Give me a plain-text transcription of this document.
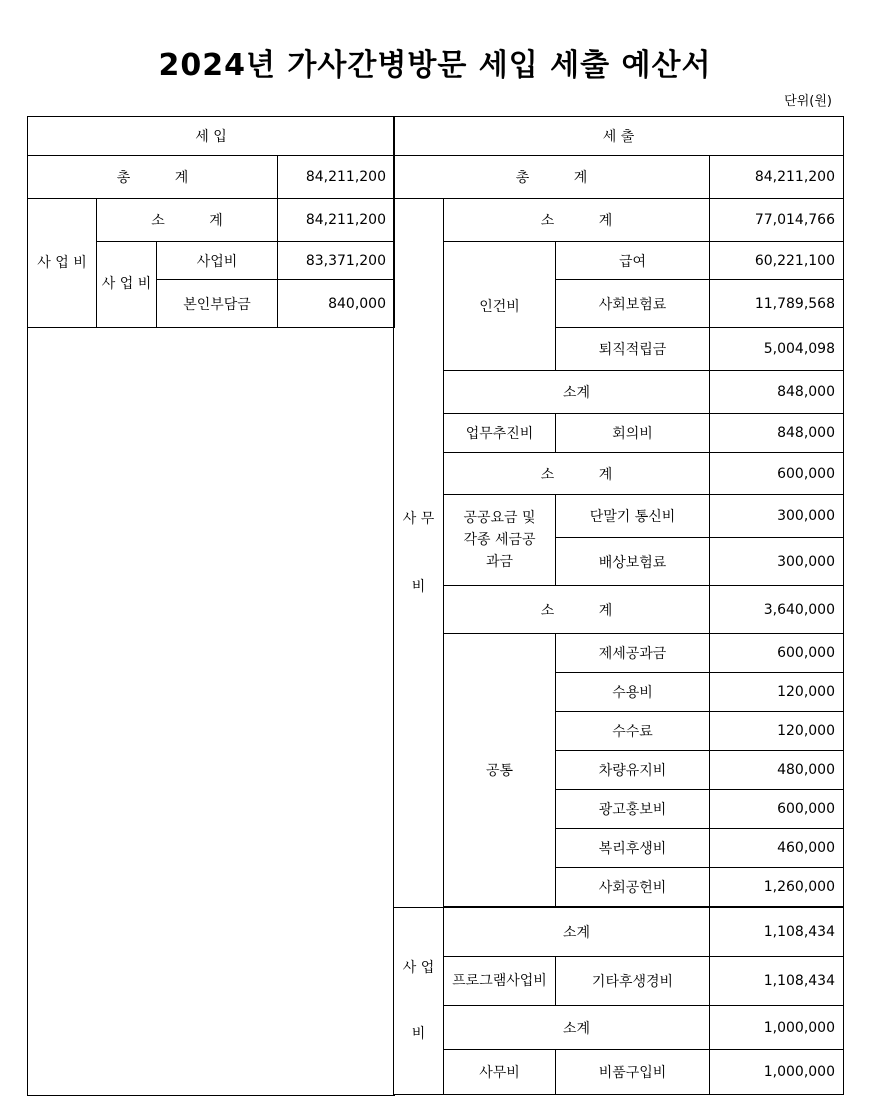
2024년 가사간병방문 세입 세출 예산서
단위(원)
세 입			
총          계			84,211,200
사 업 비	소          계		84,211,200
	사 업 비	사업비	83,371,200
		본인부담금	840,000

세 출			
총          계			84,211,200
사 무 비	소          계		77,014,766
	인건비	급여	60,221,100
		사회보험료	11,789,568
		퇴직적립금	5,004,098
	소계		848,000
	업무추진비	회의비	848,000
	소          계		600,000
	공공요금 및 각종 세금공과금	단말기 통신비	300,000
		배상보험료	300,000
	소          계		3,640,000
	공통	제세공과금	600,000
		수용비	120,000
		수수료	120,000
		차량유지비	480,000
		광고홍보비	600,000
		복리후생비	460,000
		사회공헌비	1,260,000

사 업 비	소계		1,108,434
	프로그램사업비	기타후생경비	1,108,434
	소계		1,000,000
	사무비	비품구입비	1,000,000
